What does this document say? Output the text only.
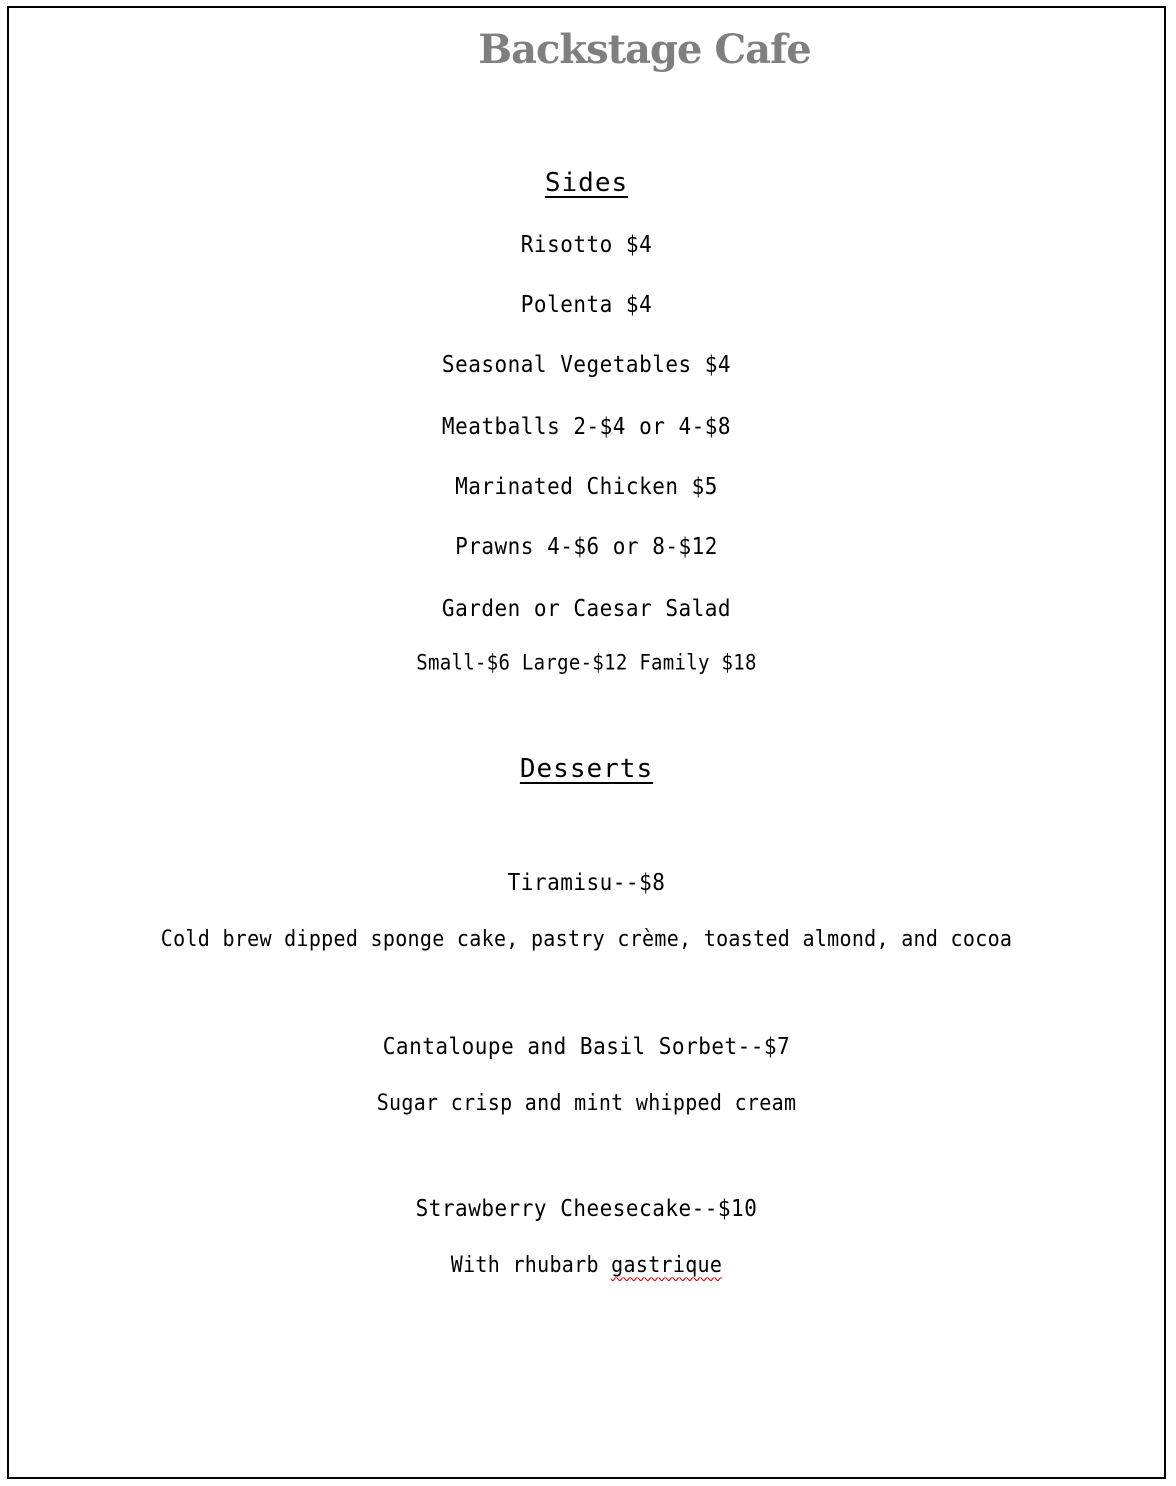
Backstage Cafe
Sides
Risotto $4
Polenta $4
Seasonal Vegetables $4
Meatballs 2-$4 or 4-$8
Marinated Chicken $5
Prawns 4-$6 or 8-$12
Garden or Caesar Salad
Small-$6 Large-$12 Family $18
Desserts
Tiramisu--$8
Cold brew dipped sponge cake, pastry crème, toasted almond, and cocoa
Cantaloupe and Basil Sorbet--$7
Sugar crisp and mint whipped cream
Strawberry Cheesecake--$10
With rhubarb gastrique
